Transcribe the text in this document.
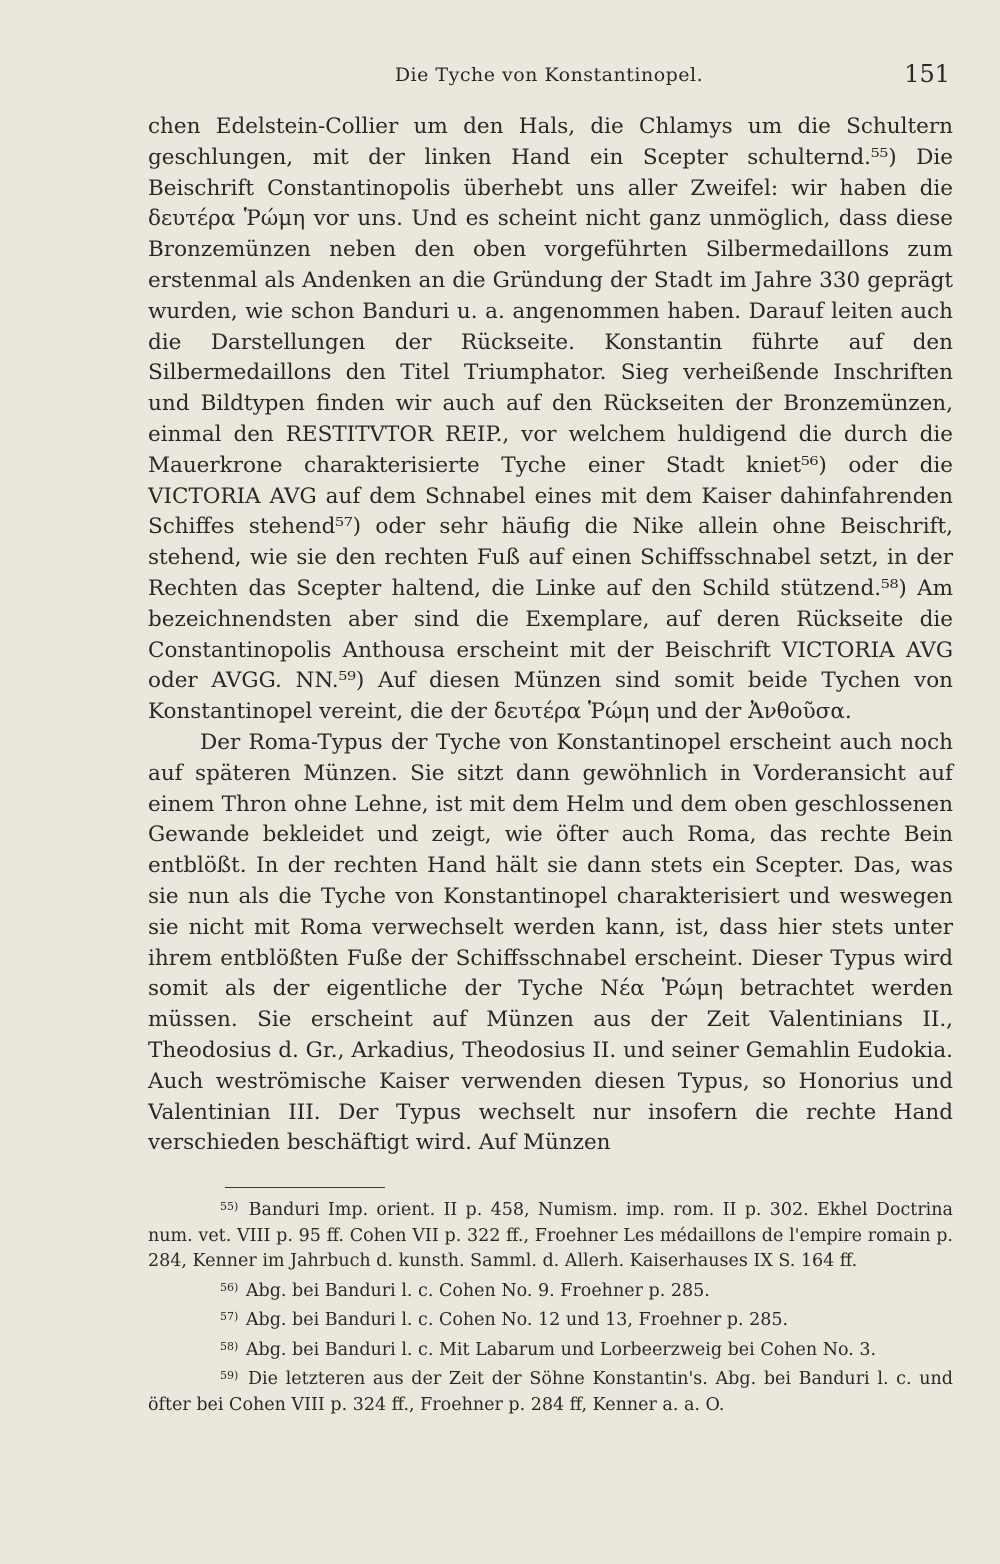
Die Tyche von Konstantinopel.	151

chen Edelstein-Collier um den Hals, die Chlamys um die Schultern geschlungen, mit der linken Hand ein Scepter schulternd.⁵⁵) Die Beischrift Constantinopolis überhebt uns aller Zweifel: wir haben die δευτέρα Ῥώμη vor uns. Und es scheint nicht ganz unmöglich, dass diese Bronzemünzen neben den oben vorgeführten Silbermedaillons zum erstenmal als Andenken an die Gründung der Stadt im Jahre 330 geprägt wurden, wie schon Banduri u. a. angenommen haben. Darauf leiten auch die Darstellungen der Rückseite. Konstantin führte auf den Silbermedaillons den Titel Triumphator. Sieg verheißende Inschriften und Bildtypen finden wir auch auf den Rückseiten der Bronzemünzen, einmal den RESTITVTOR REIP., vor welchem huldigend die durch die Mauerkrone charakterisierte Tyche einer Stadt kniet⁵⁶) oder die VICTORIA AVG auf dem Schnabel eines mit dem Kaiser dahinfahrenden Schiffes stehend⁵⁷) oder sehr häufig die Nike allein ohne Beischrift, stehend, wie sie den rechten Fuß auf einen Schiffsschnabel setzt, in der Rechten das Scepter haltend, die Linke auf den Schild stützend.⁵⁸) Am bezeichnendsten aber sind die Exemplare, auf deren Rückseite die Constantinopolis Anthousa erscheint mit der Beischrift VICTORIA AVG oder AVGG. NN.⁵⁹) Auf diesen Münzen sind somit beide Tychen von Konstantinopel vereint, die der δευτέρα Ῥώμη und der Ἀνθοῦσα.

Der Roma-Typus der Tyche von Konstantinopel erscheint auch noch auf späteren Münzen. Sie sitzt dann gewöhnlich in Vorderansicht auf einem Thron ohne Lehne, ist mit dem Helm und dem oben geschlossenen Gewande bekleidet und zeigt, wie öfter auch Roma, das rechte Bein entblößt. In der rechten Hand hält sie dann stets ein Scepter. Das, was sie nun als die Tyche von Konstantinopel charakterisiert und weswegen sie nicht mit Roma verwechselt werden kann, ist, dass hier stets unter ihrem entblößten Fuße der Schiffsschnabel erscheint. Dieser Typus wird somit als der eigentliche der Tyche Νέα Ῥώμη betrachtet werden müssen. Sie erscheint auf Münzen aus der Zeit Valentinians II., Theodosius d. Gr., Arkadius, Theodosius II. und seiner Gemahlin Eudokia. Auch weströmische Kaiser verwenden diesen Typus, so Honorius und Valentinian III. Der Typus wechselt nur insofern die rechte Hand verschieden beschäftigt wird. Auf Münzen

$^{55)}$ Banduri Imp. orient. II p. 458, Numism. imp. rom. II p. 302. Ekhel Doctrina num. vet. VIII p. 95 ff. Cohen VII p. 322 ff., Froehner Les médaillons de l'empire romain p. 284, Kenner im Jahrbuch d. kunsth. Samml. d. Allerh. Kaiserhauses IX S. 164 ff.

$^{56)}$ Abg. bei Banduri l. c. Cohen No. 9. Froehner p. 285.

$^{57)}$ Abg. bei Banduri l. c. Cohen No. 12 und 13, Froehner p. 285.

$^{58)}$ Abg. bei Banduri l. c. Mit Labarum und Lorbeerzweig bei Cohen No. 3.

$^{59)}$ Die letzteren aus der Zeit der Söhne Konstantin's. Abg. bei Banduri l. c. und öfter bei Cohen VIII p. 324 ff., Froehner p. 284 ff, Kenner a. a. O.
